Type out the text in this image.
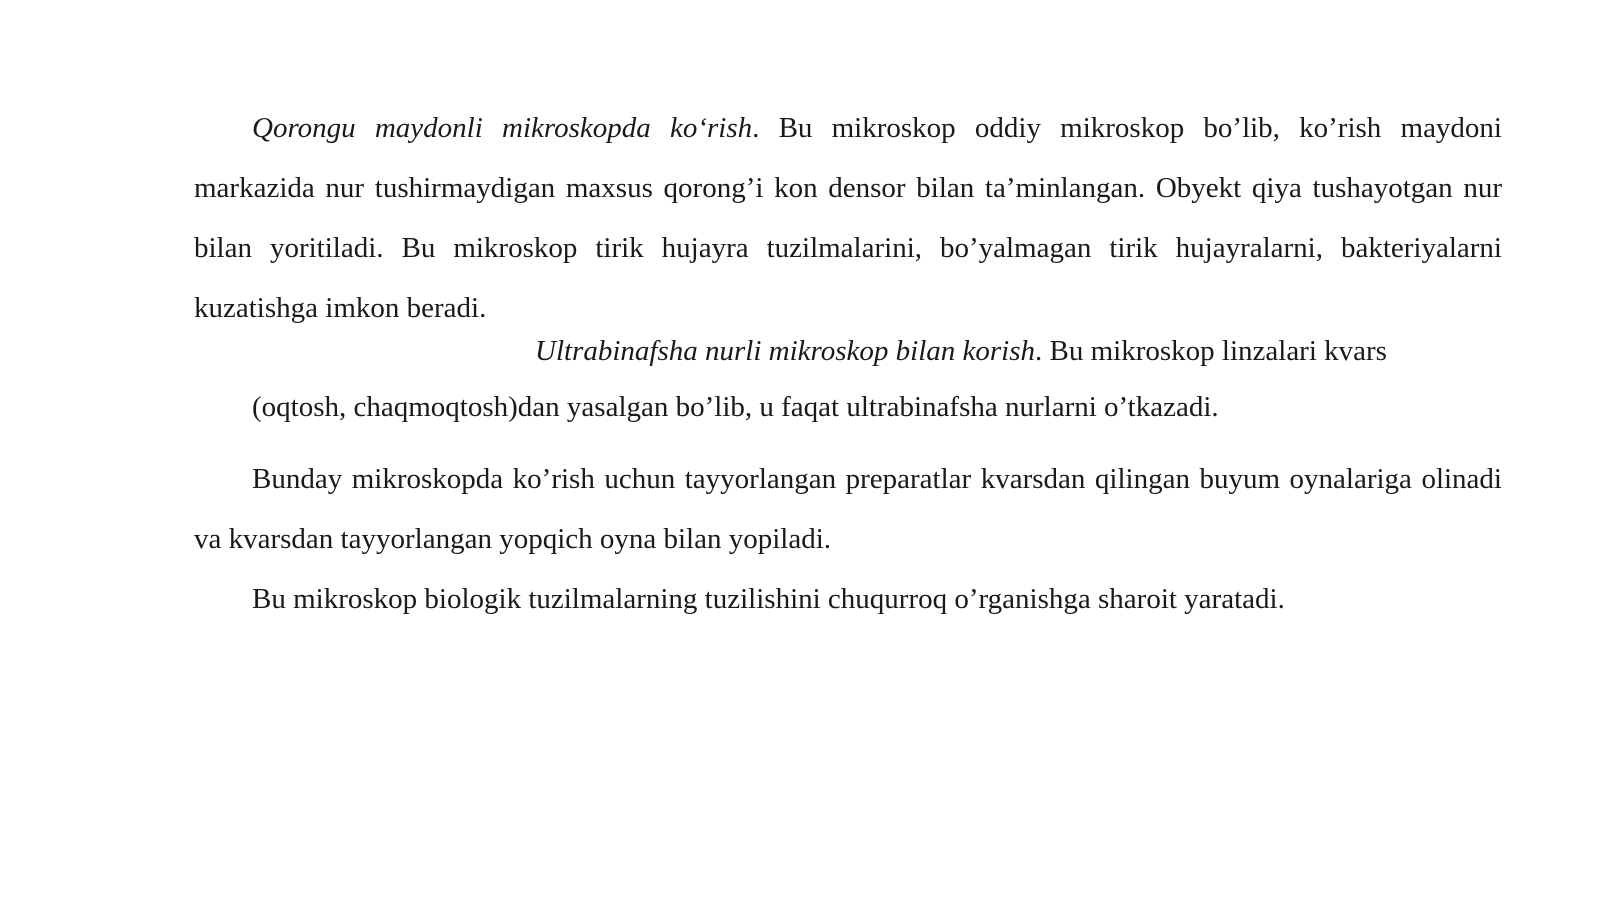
Qorongu maydonli mikroskopda ko‘rish. Bu mikroskop oddiy mikroskop bo’lib, ko’rish maydoni markazida nur tushirmaydigan maxsus qorong’i kon densor bilan ta’minlangan. Obyekt qiya tushayotgan nur bilan yoritiladi. Bu mikroskop tirik hujayra tuzilmalarini, bo’yalmagan tirik hujayralarni, bakteriyalarni kuzatishga imkon beradi.

Ultrabinafsha nurli mikroskop bilan korish. Bu mikroskop linzalari kvars

(oqtosh, chaqmoqtosh)dan yasalgan bo’lib, u faqat ultrabinafsha nurlarni o’tkazadi.

Bunday mikroskopda ko’rish uchun tayyorlangan preparatlar kvarsdan qilingan buyum oynalariga olinadi va kvarsdan tayyorlangan yopqich oyna bilan yopiladi.

Bu mikroskop biologik tuzilmalarning tuzilishini chuqurroq o’rganishga sharoit yaratadi.
